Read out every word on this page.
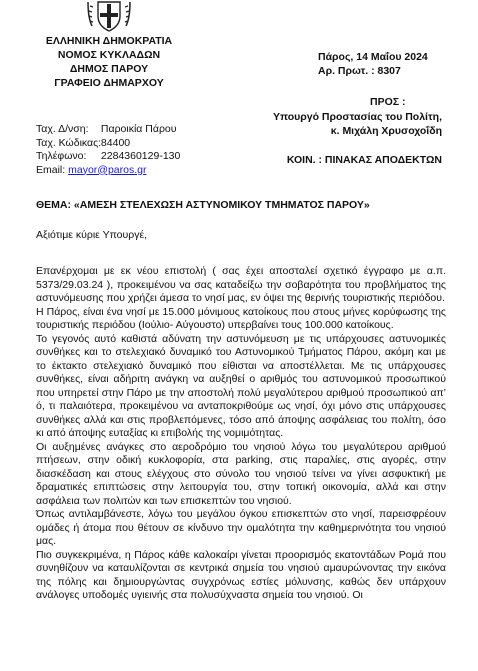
ΕΛΛΗΝΙΚΗ ΔΗΜΟΚΡΑΤΙΑ
ΝΟΜΟΣ ΚΥΚΛΑΔΩΝ
ΔΗΜΟΣ ΠΑΡΟΥ
ΓΡΑΦΕΙΟ ΔΗΜΑΡΧΟΥ
Πάρος, 14 Μαΐου 2024
Αρ. Πρωτ. : 8307
ΠΡΟΣ :
Υπουργό Προστασίας του Πολίτη,
κ. Μιχάλη Χρυσοχοΐδη
Ταχ. Δ/νση: Παροικία Πάρου
Ταχ. Κώδικας: 84400
Τηλέφωνο: 2284360129-130
Email: mayor@paros.gr
ΚΟΙΝ. : ΠΙΝΑΚΑΣ ΑΠΟΔΕΚΤΩΝ
ΘΕΜΑ: «ΑΜΕΣΗ ΣΤΕΛΕΧΩΣΗ ΑΣΤΥΝΟΜΙΚΟΥ ΤΜΗΜΑΤΟΣ ΠΑΡΟΥ»
Αξιότιμε κύριε Υπουργέ,

Επανέρχομαι με εκ νέου επιστολή ( σας έχει αποσταλεί σχετικό έγγραφο με α.π. 5373/29.03.24 ), προκειμένου να σας καταδείξω την σοβαρότητα του προβλήματος της αστυνόμευσης που χρήζει άμεσα το νησί μας, εν όψει της θερινής τουριστικής περιόδου.

Η Πάρος, είναι ένα νησί με 15.000 μόνιμους κατοίκους που στους μήνες κορύφωσης της τουριστικής περιόδου (Ιούλιο- Αύγουστο) υπερβαίνει τους 100.000 κατοίκους.

Το γεγονός αυτό καθιστά αδύνατη την αστυνόμευση με τις υπάρχουσες αστυνομικές συνθήκες και το στελεχιακό δυναμικό του Αστυνομικού Τμήματος Πάρου, ακόμη και με το έκτακτο στελεχιακό δυναμικό που είθισται να αποστέλλεται. Με τις υπάρχουσες συνθήκες, είναι αδήριτη ανάγκη να αυξηθεί ο αριθμός του αστυνομικού προσωπικού που υπηρετεί στην Πάρο με την αποστολή πολύ μεγαλύτερου αριθμού προσωπικού απ’ ό, τι παλαιότερα, προκειμένου να ανταποκριθούμε ως νησί, όχι μόνο στις υπάρχουσες συνθήκες αλλά και στις προβλεπόμενες, τόσο από άποψης ασφάλειας του πολίτη, όσο κι από άποψης ευταξίας κι επιβολής της νομιμότητας.

Οι αυξημένες ανάγκες στο αεροδρόμιο του νησιού λόγω του μεγαλύτερου αριθμού πτήσεων, στην οδική κυκλοφορία, στα parking, στις παραλίες, στις αγορές, στην διασκέδαση και στους ελέγχους στο σύνολο του νησιού τείνει να γίνει ασφυκτική με δραματικές επιπτώσεις στην λειτουργία του, στην τοπική οικονομία, αλλά και στην ασφάλεια των πολιτών και των επισκεπτών του νησιού.

Όπως αντιλαμβάνεστε, λόγω του μεγάλου όγκου επισκεπτών στο νησί, παρεισφρέουν ομάδες ή άτομα που θέτουν σε κίνδυνο την ομαλότητα την καθημερινότητα του νησιού μας.

Πιο συγκεκριμένα, η Πάρος κάθε καλοκαίρι γίνεται προορισμός εκατοντάδων Ρομά που συνηθίζουν να καταυλίζονται σε κεντρικά σημεία του νησιού αμαυρώνοντας την εικόνα της πόλης και δημιουργώντας συγχρόνως εστίες μόλυνσης, καθώς δεν υπάρχουν ανάλογες υποδομές υγιεινής στα πολυσύχναστα σημεία του νησιού. Οι
